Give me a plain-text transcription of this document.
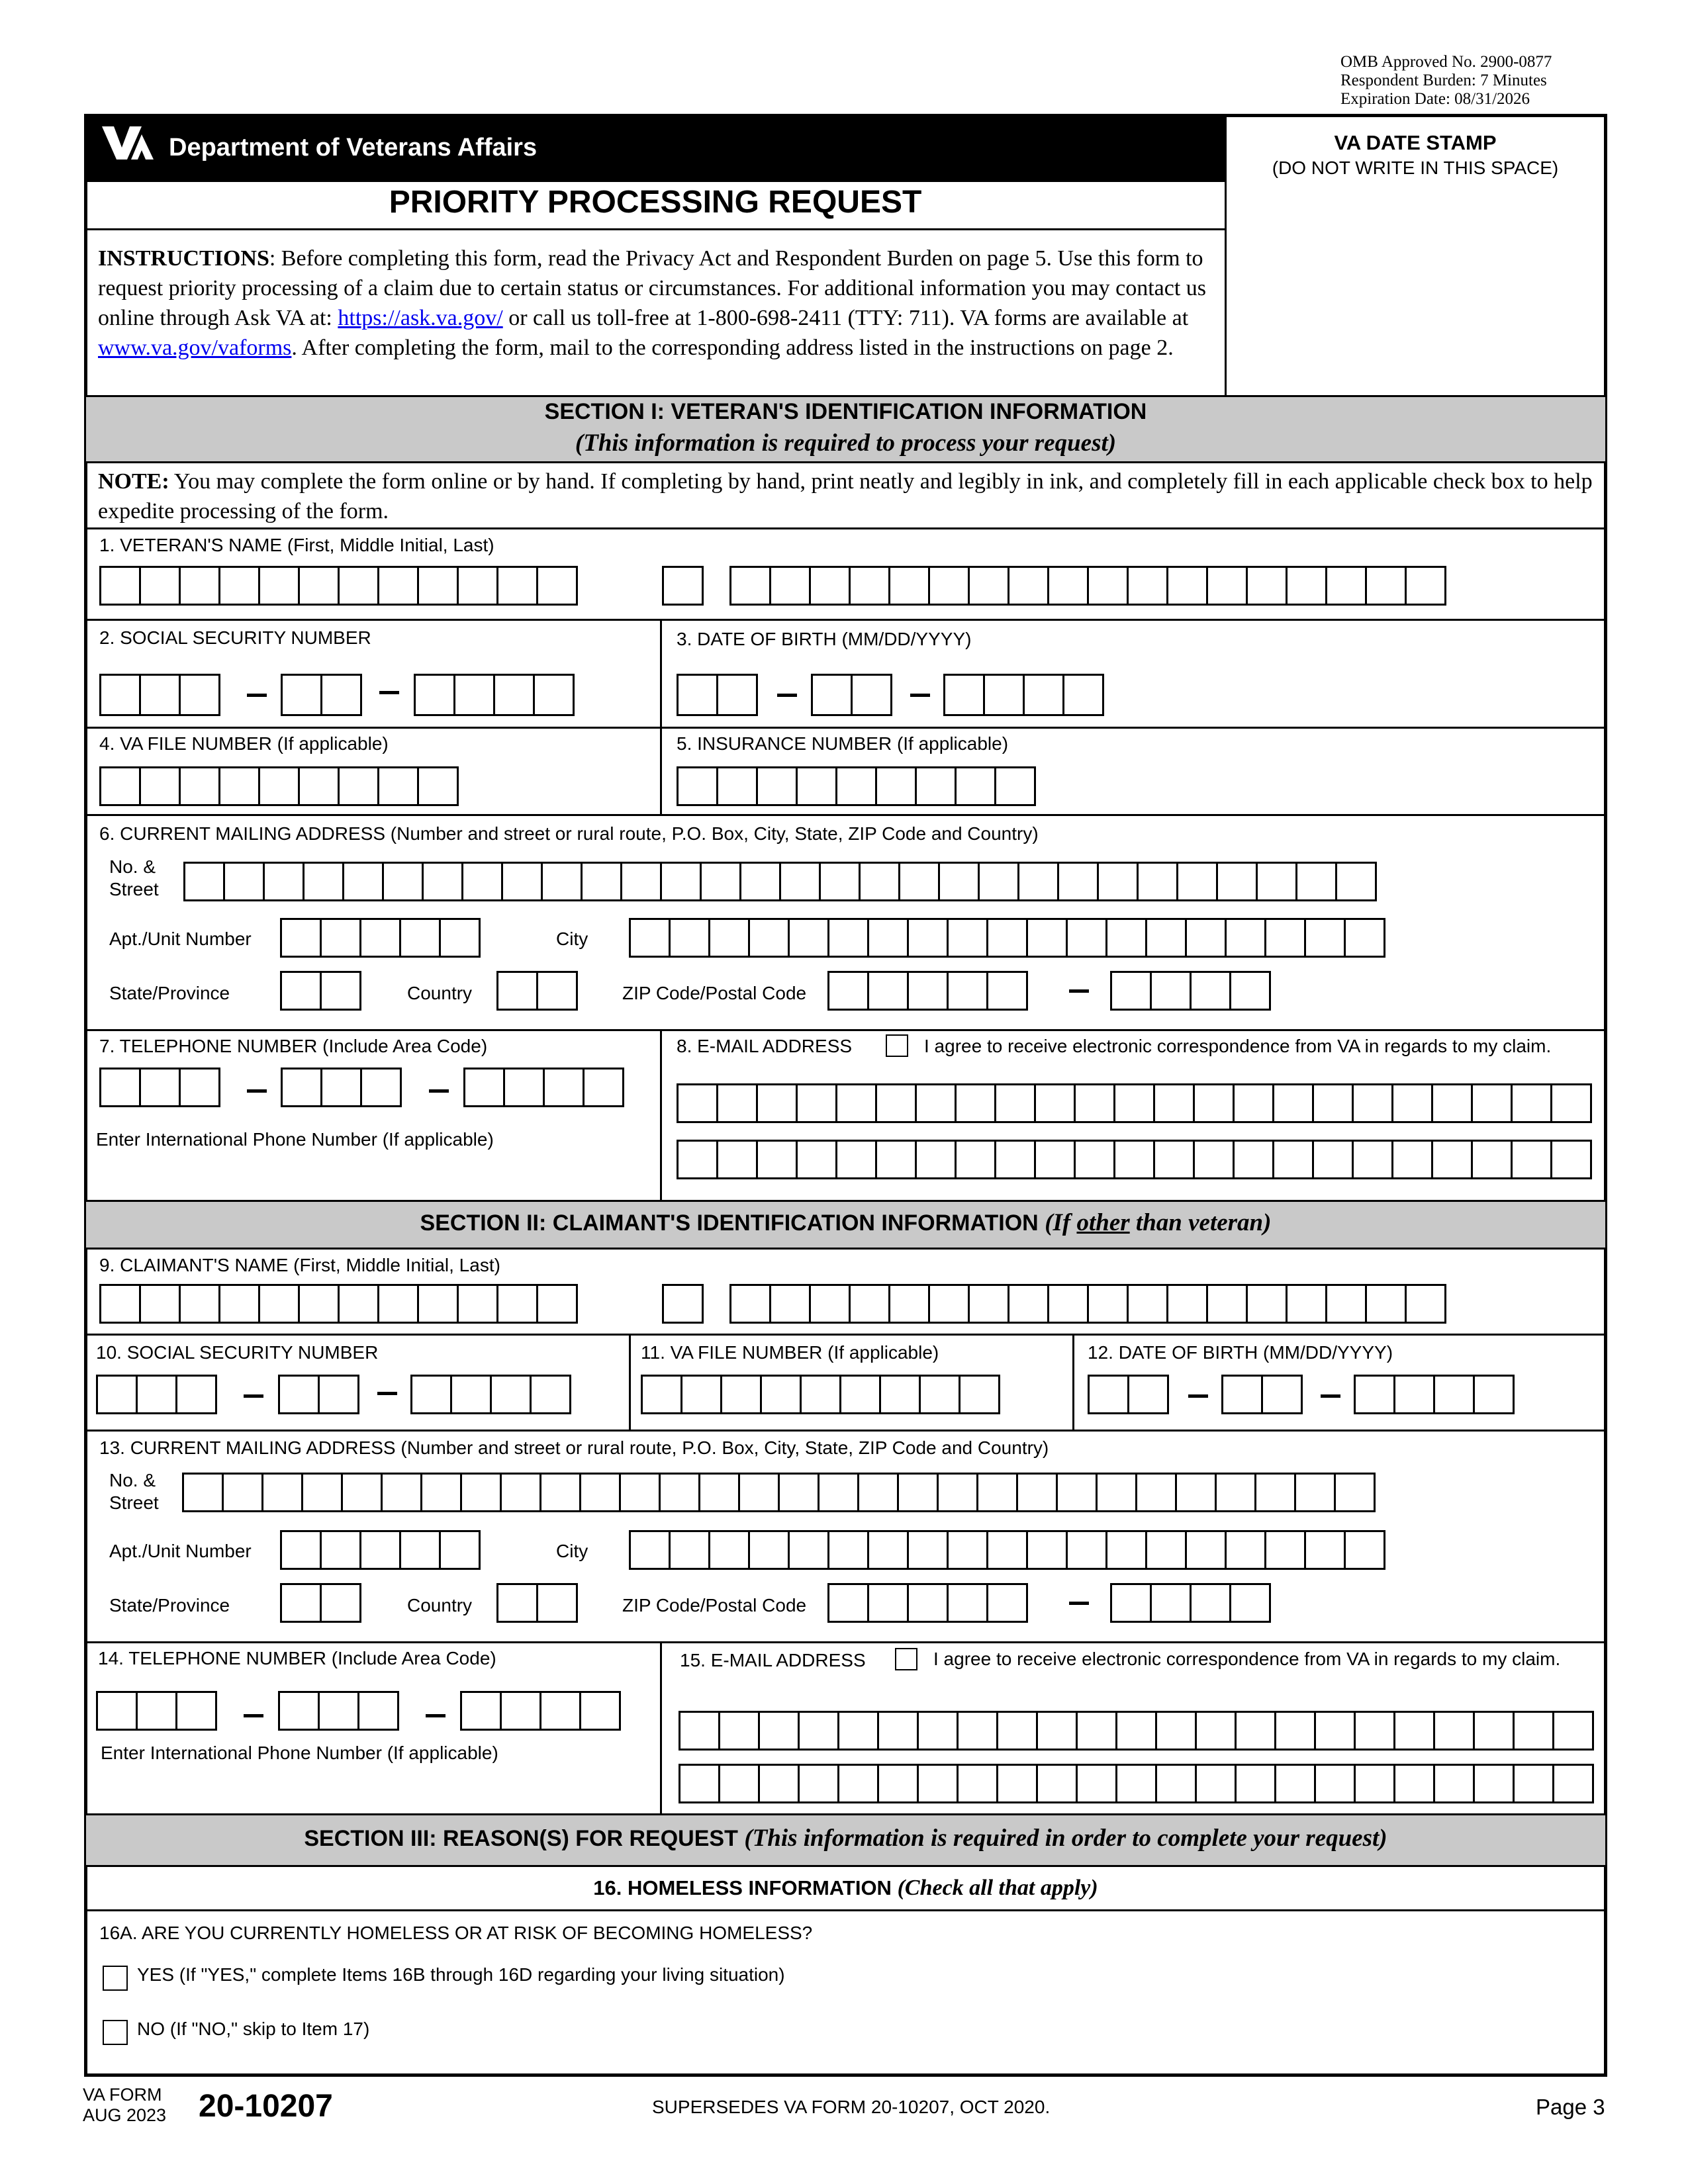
OMB Approved No. 2900-0877
Respondent Burden: 7 Minutes
Expiration Date: 08/31/2026
Department of Veterans Affairs
PRIORITY PROCESSING REQUEST
VA DATE STAMP
(DO NOT WRITE IN THIS SPACE)
INSTRUCTIONS: Before completing this form, read the Privacy Act and Respondent Burden on page 5. Use this form to request priority processing of a claim due to certain status or circumstances. For additional information you may contact us online through Ask VA at: https://ask.va.gov/ or call us toll-free at 1-800-698-2411 (TTY: 711). VA forms are available at www.va.gov/vaforms. After completing the form, mail to the corresponding address listed in the instructions on page 2.
SECTION I: VETERAN'S IDENTIFICATION INFORMATION
(This information is required to process your request)
NOTE: You may complete the form online or by hand. If completing by hand, print neatly and legibly in ink, and completely fill in each applicable check box to help expedite processing of the form.
1. VETERAN'S NAME (First, Middle Initial, Last)
2. SOCIAL SECURITY NUMBER	3. DATE OF BIRTH (MM/DD/YYYY)
4. VA FILE NUMBER (If applicable)	5. INSURANCE NUMBER (If applicable)
6. CURRENT MAILING ADDRESS (Number and street or rural route, P.O. Box, City, State, ZIP Code and Country)
No. &
Street
Apt./Unit Number	City
State/Province	Country	ZIP Code/Postal Code
7. TELEPHONE NUMBER (Include Area Code)
Enter International Phone Number (If applicable)
8. E-MAIL ADDRESS	I agree to receive electronic correspondence from VA in regards to my claim.
SECTION II: CLAIMANT'S IDENTIFICATION INFORMATION (If other than veteran)
9. CLAIMANT'S NAME (First, Middle Initial, Last)
10. SOCIAL SECURITY NUMBER	11. VA FILE NUMBER (If applicable)	12. DATE OF BIRTH (MM/DD/YYYY)
13. CURRENT MAILING ADDRESS (Number and street or rural route, P.O. Box, City, State, ZIP Code and Country)
No. &
Street
Apt./Unit Number	City
State/Province	Country	ZIP Code/Postal Code
14. TELEPHONE NUMBER (Include Area Code)
Enter International Phone Number (If applicable)
15. E-MAIL ADDRESS	I agree to receive electronic correspondence from VA in regards to my claim.
SECTION III: REASON(S) FOR REQUEST (This information is required in order to complete your request)
16. HOMELESS INFORMATION (Check all that apply)
16A. ARE YOU CURRENTLY HOMELESS OR AT RISK OF BECOMING HOMELESS?
YES (If "YES," complete Items 16B through 16D regarding your living situation)
NO (If "NO," skip to Item 17)
VA FORM
AUG 2023 20-10207	SUPERSEDES VA FORM 20-10207, OCT 2020.	Page 3
